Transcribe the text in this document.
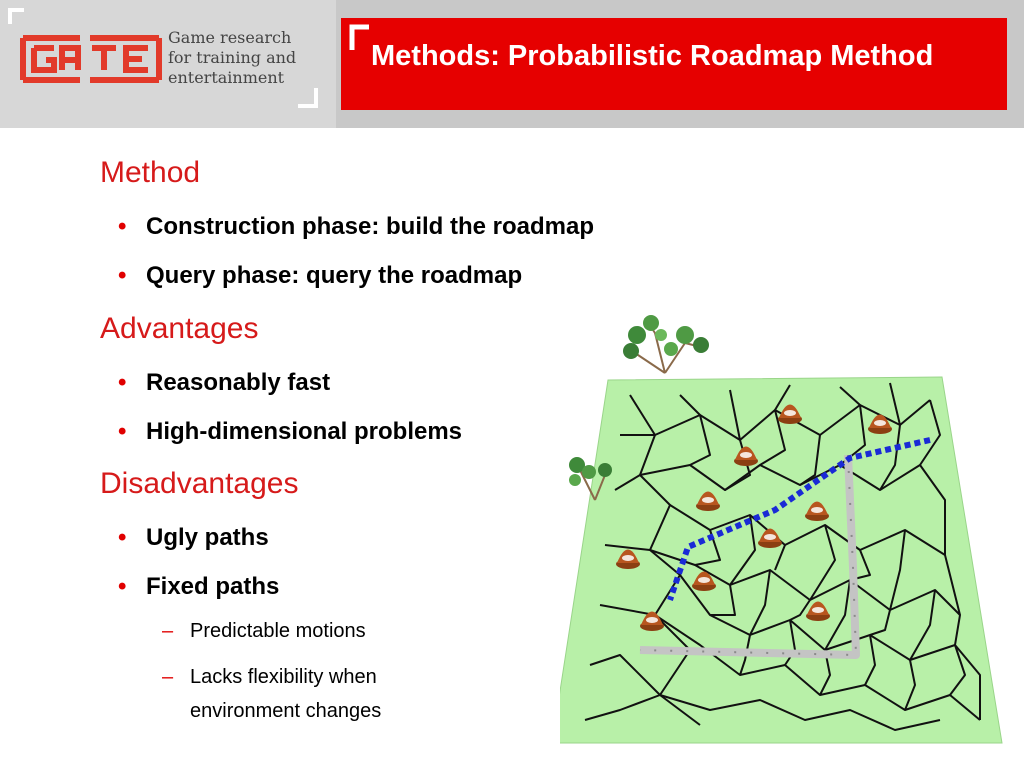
Game research
for training and
entertainment
Methods: Probabilistic Roadmap Method
Method
• Construction phase: build the roadmap
• Query phase: query the roadmap
Advantages
• Reasonably fast
• High-dimensional problems
Disadvantages
• Ugly paths
• Fixed paths
– Predictable motions
– Lacks flexibility when
environment changes
